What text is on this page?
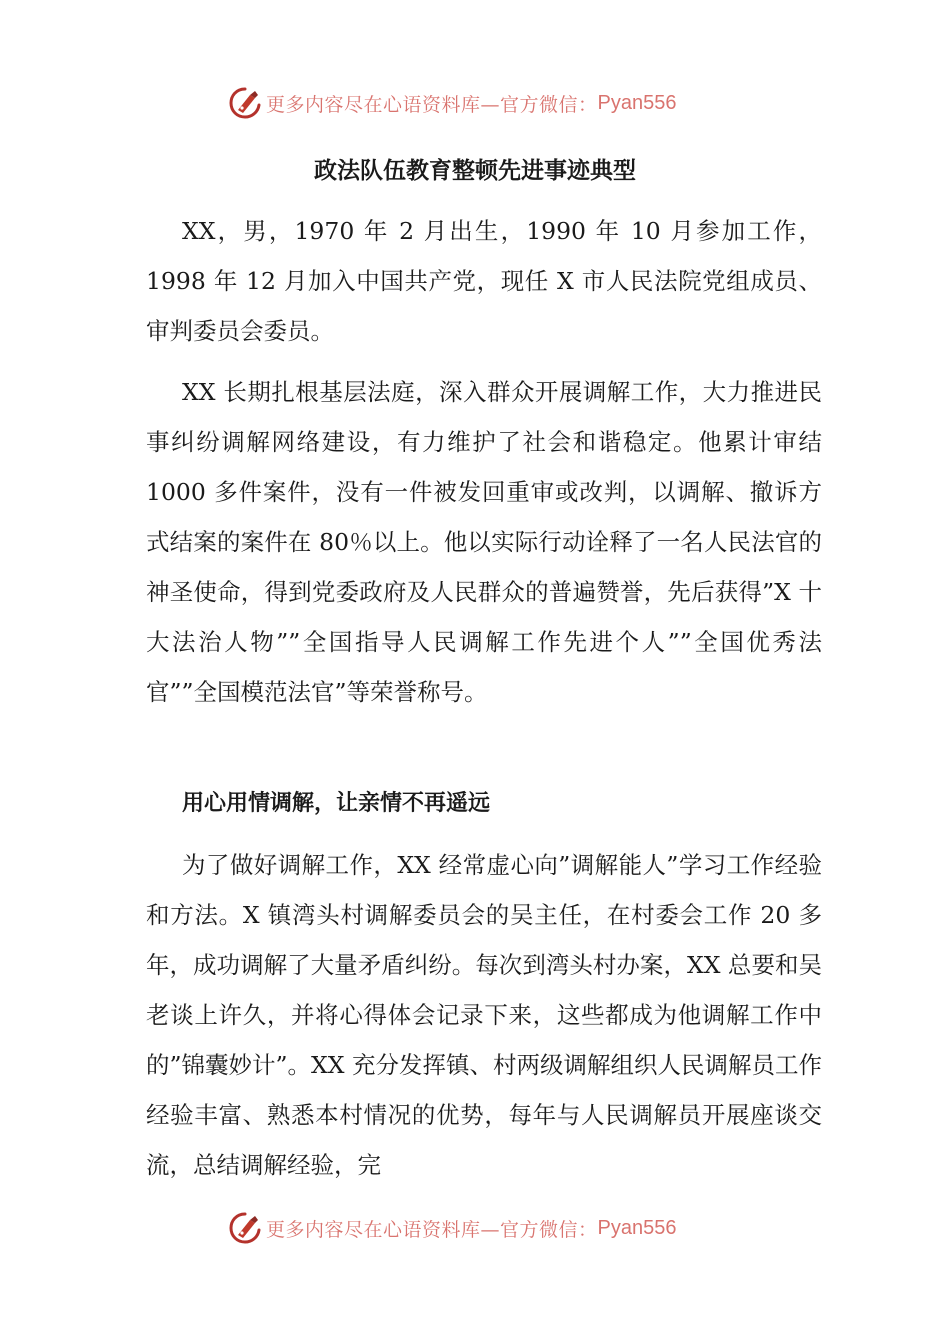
更多内容尽在心语资料库—官方微信： Pyan556
政法队伍教育整顿先进事迹典型

XX，男，1970 年 2 月出生，1990 年 10 月参加工作，1998 年 12 月加入中国共产党，现任 X 市人民法院党组成员、审判委员会委员。

XX 长期扎根基层法庭，深入群众开展调解工作，大力推进民事纠纷调解网络建设，有力维护了社会和谐稳定。他累计审结 1000 多件案件，没有一件被发回重审或改判，以调解、撤诉方式结案的案件在 80％以上。他以实际行动诠释了一名人民法官的神圣使命，得到党委政府及人民群众的普遍赞誉，先后获得”X 十大法治人物””全国指导人民调解工作先进个人””全国优秀法官””全国模范法官”等荣誉称号。

用心用情调解，让亲情不再遥远

为了做好调解工作，XX 经常虚心向”调解能人”学习工作经验和方法。X 镇湾头村调解委员会的吴主任，在村委会工作 20 多年，成功调解了大量矛盾纠纷。每次到湾头村办案，XX 总要和吴老谈上许久，并将心得体会记录下来，这些都成为他调解工作中的”锦囊妙计”。XX 充分发挥镇、村两级调解组织人民调解员工作经验丰富、熟悉本村情况的优势，每年与人民调解员开展座谈交流，总结调解经验，完

更多内容尽在心语资料库—官方微信： Pyan556
